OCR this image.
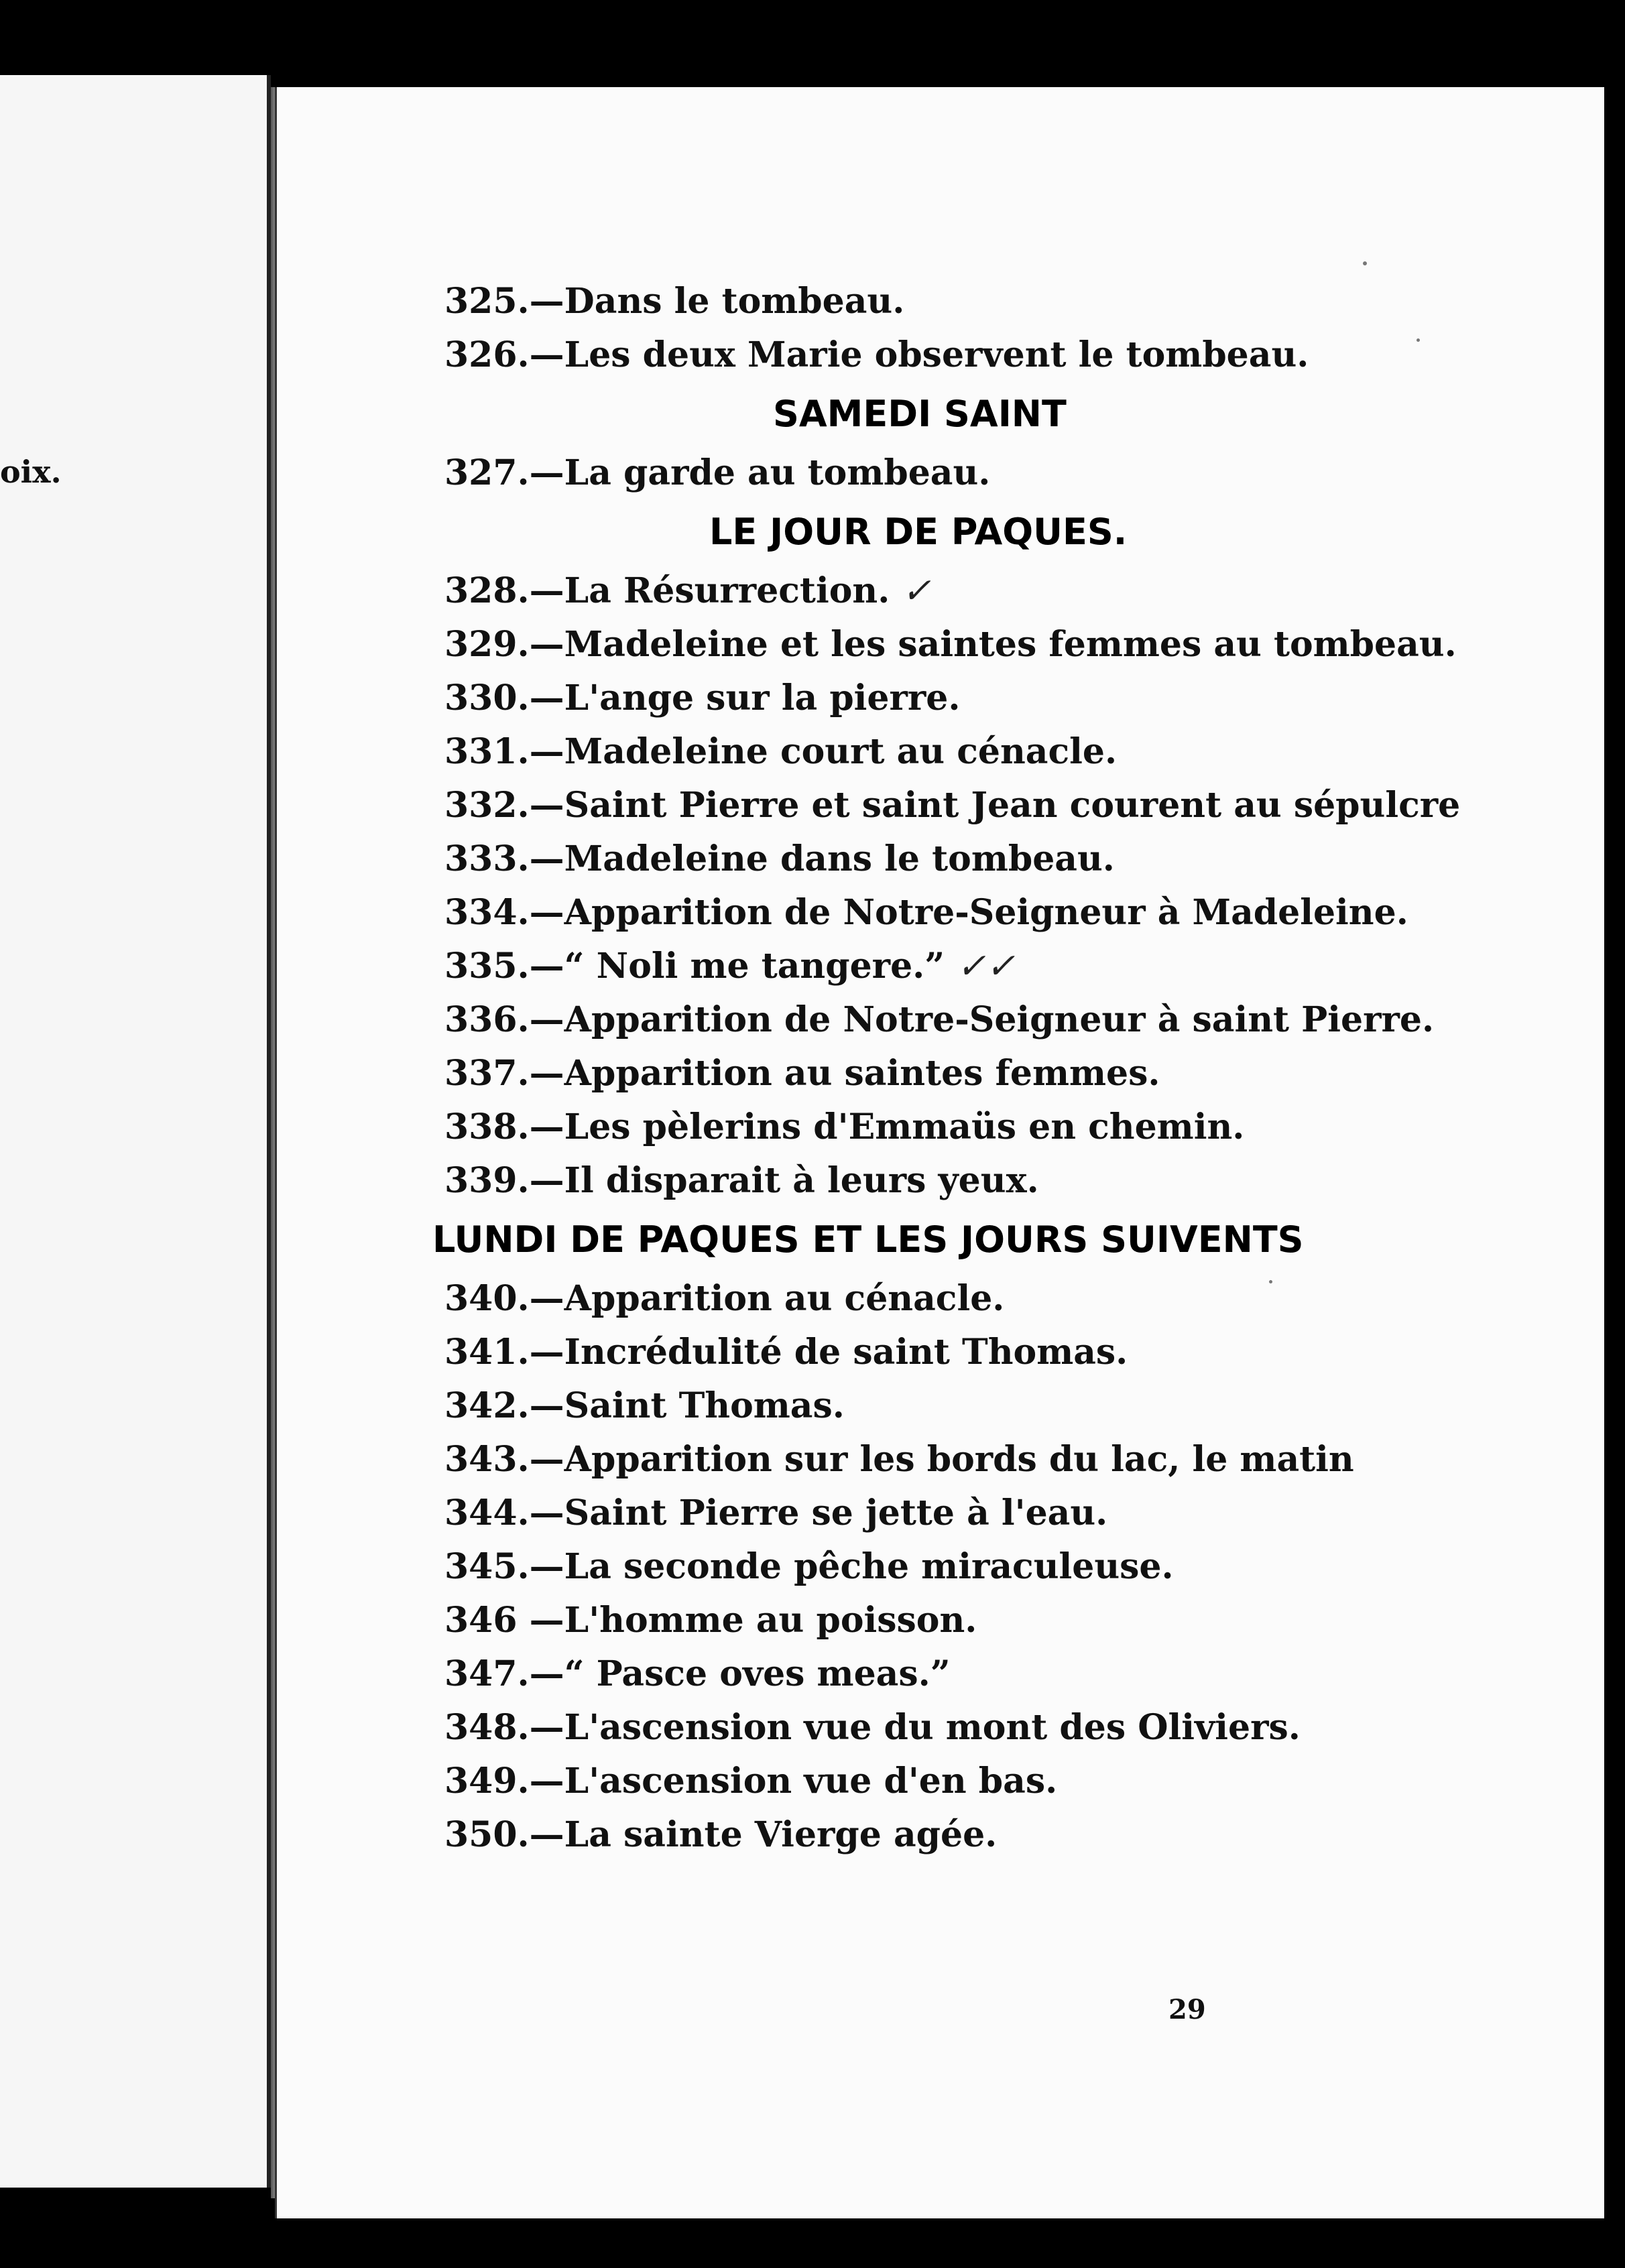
oix.
325.—Dans le tombeau.
326.—Les deux Marie observent le tombeau.
SAMEDI SAINT
327.—La garde au tombeau.
LE JOUR DE PAQUES.
328.—La Résurrection. ✓
329.—Madeleine et les saintes femmes au tombeau.
330.—L'ange sur la pierre.
331.—Madeleine court au cénacle.
332.—Saint Pierre et saint Jean courent au sépulcre
333.—Madeleine dans le tombeau.
334.—Apparition de Notre-Seigneur à Madeleine.
335.—“ Noli me tangere.” ✓✓
336.—Apparition de Notre-Seigneur à saint Pierre.
337.—Apparition au saintes femmes.
338.—Les pèlerins d'Emmaüs en chemin.
339.—Il disparait à leurs yeux.
LUNDI DE PAQUES ET LES JOURS SUIVENTS
340.—Apparition au cénacle.
341.—Incrédulité de saint Thomas.
342.—Saint Thomas.
343.—Apparition sur les bords du lac, le matin
344.—Saint Pierre se jette à l'eau.
345.—La seconde pêche miraculeuse.
346 —L'homme au poisson.
347.—“ Pasce oves meas.”
348.—L'ascension vue du mont des Oliviers.
349.—L'ascension vue d'en bas.
350.—La sainte Vierge agée.
29
